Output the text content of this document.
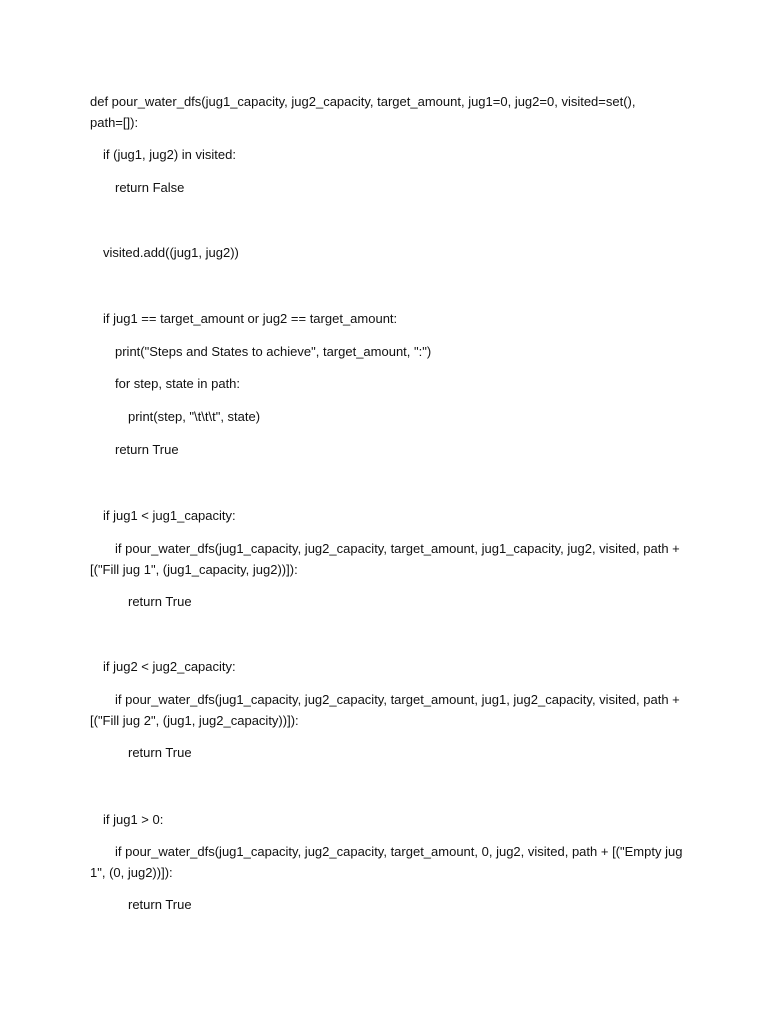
def pour_water_dfs(jug1_capacity, jug2_capacity, target_amount, jug1=0, jug2=0, visited=set(),

path=[]):

if (jug1, jug2) in visited:

return False

visited.add((jug1, jug2))

if jug1 == target_amount or jug2 == target_amount:

print("Steps and States to achieve", target_amount, ":")

for step, state in path:

print(step, "\t\t\t", state)

return True

if jug1 < jug1_capacity:

if pour_water_dfs(jug1_capacity, jug2_capacity, target_amount, jug1_capacity, jug2, visited, path +

[("Fill jug 1", (jug1_capacity, jug2))]):

return True

if jug2 < jug2_capacity:

if pour_water_dfs(jug1_capacity, jug2_capacity, target_amount, jug1, jug2_capacity, visited, path +

[("Fill jug 2", (jug1, jug2_capacity))]):

return True

if jug1 > 0:

if pour_water_dfs(jug1_capacity, jug2_capacity, target_amount, 0, jug2, visited, path + [("Empty jug

1", (0, jug2))]):

return True
